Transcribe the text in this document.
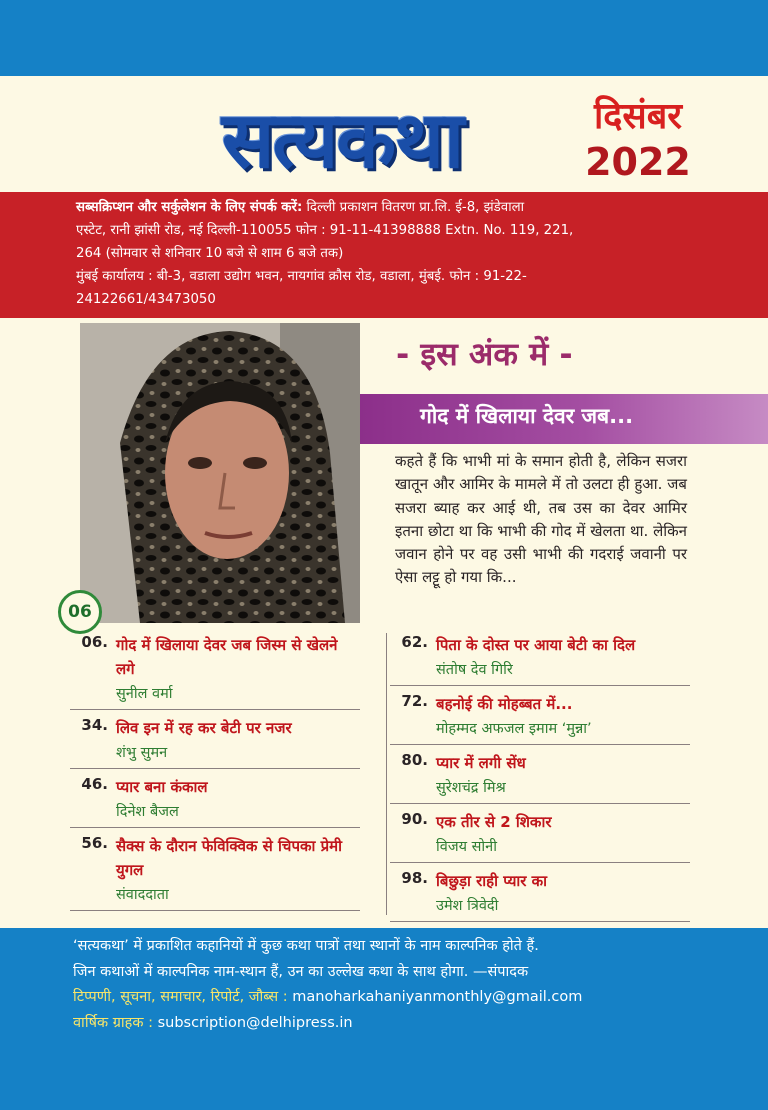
सत्यकथा	दिसंबर
2022
सब्सक्रिप्शन और सर्कुलेशन के लिए संपर्क करें: दिल्ली प्रकाशन वितरण प्रा.लि. ई-8, झंडेवाला
एस्टेट, रानी झांसी रोड, नई दिल्ली-110055 फोन : 91-11-41398888 Extn. No. 119, 221,
264 (सोमवार से शनिवार 10 बजे से शाम 6 बजे तक)
मुंबई कार्यालय : बी-3, वडाला उद्योग भवन, नायगांव क्रौस रोड, वडाला, मुंबई. फोन : 91-22-
24122661/43473050
06
- इस अंक में -
गोद में खिलाया देवर जब...
कहते हैं कि भाभी मां के समान होती है, लेकिन सजरा खातून और आमिर के मामले में तो उलटा ही हुआ. जब सजरा ब्याह कर आई थी, तब उस का देवर आमिर इतना छोटा था कि भाभी की गोद में खेलता था. लेकिन जवान होने पर वह उसी भाभी की गदराई जवानी पर ऐसा लट्टू हो गया कि...
06. गोद में खिलाया देवर जब जिस्म से खेलने लगे
सुनील वर्मा
34. लिव इन में रह कर बेटी पर नजर
शंभु सुमन
46. प्यार बना कंकाल
दिनेश बैजल
56. सैक्स के दौरान फेविक्विक से चिपका प्रेमी युगल
संवाददाता
62. पिता के दोस्त पर आया बेटी का दिल
संतोष देव गिरि
72. बहनोई की मोहब्बत में...
मोहम्मद अफजल इमाम ‘मुन्ना’
80. प्यार में लगी सेंध
सुरेशचंद्र मिश्र
90. एक तीर से 2 शिकार
विजय सोनी
98. बिछुड़ा राही प्यार का
उमेश त्रिवेदी
‘सत्यकथा’ में प्रकाशित कहानियों में कुछ कथा पात्रों तथा स्थानों के नाम काल्पनिक होते हैं.
जिन कथाओं में काल्पनिक नाम-स्थान हैं, उन का उल्लेख कथा के साथ होगा. —संपादक
टिप्पणी, सूचना, समाचार, रिपोर्ट, जौब्स : manoharkahaniyanmonthly@gmail.com
वार्षिक ग्राहक : subscription@delhipress.in
